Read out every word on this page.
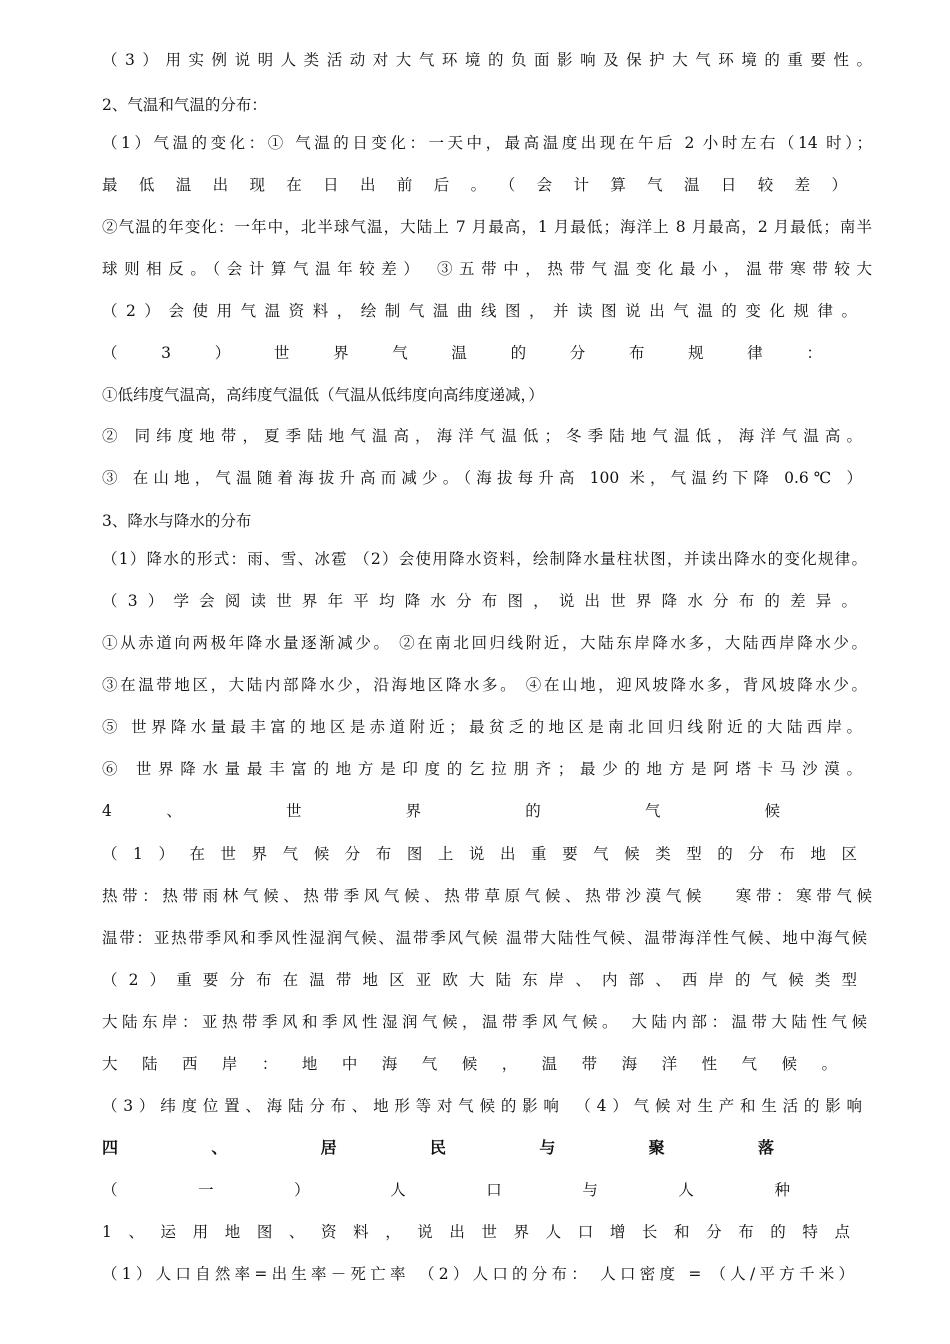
（3）用实例说明人类活动对大气环境的负面影响及保护大气环境的重要性。
2、气温和气温的分布：
（1）气温的变化：① 气温的日变化：一天中，最高温度出现在午后 2 小时左右（14 时）；
最低温出现在日出前后。（会计算气温日较差）
②气温的年变化：一年中，北半球气温，大陆上 7 月最高，1 月最低；海洋上 8 月最高，2 月最低；南半
球则相反。（会计算气温年较差） ③五带中，热带气温变化最小，温带寒带较大
（2）会使用气温资料，绘制气温曲线图，并读图说出气温的变化规律。
（3）世界气温的分布规律：
①低纬度气温高，高纬度气温低（气温从低纬度向高纬度递减，）
② 同纬度地带，夏季陆地气温高，海洋气温低；冬季陆地气温低，海洋气温高。
③ 在山地，气温随着海拔升高而减少。（海拔每升高 100 米，气温约下降 0.6℃ ）
3、降水与降水的分布
（1）降水的形式：雨、雪、冰雹 （2）会使用降水资料，绘制降水量柱状图，并读出降水的变化规律。
（3）学会阅读世界年平均降水分布图，说出世界降水分布的差异。
①从赤道向两极年降水量逐渐减少。 ②在南北回归线附近，大陆东岸降水多，大陆西岸降水少。
③在温带地区，大陆内部降水少，沿海地区降水多。 ④在山地，迎风坡降水多，背风坡降水少。
⑤ 世界降水量最丰富的地区是赤道附近；最贫乏的地区是南北回归线附近的大陆西岸。
⑥ 世界降水量最丰富的地方是印度的乞拉朋齐；最少的地方是阿塔卡马沙漠。
4 、 世 界 的 气 候
（1）在世界气候分布图上说出重要气候类型的分布地区
热带：热带雨林气候、热带季风气候、热带草原气候、热带沙漠气候　 寒带：寒带气候
温带：亚热带季风和季风性湿润气候、温带季风气候 温带大陆性气候、温带海洋性气候、地中海气候
（2）重要分布在温带地区亚欧大陆东岸、内部、西岸的气候类型
大陆东岸：亚热带季风和季风性湿润气候，温带季风气候。 大陆内部：温带大陆性气候
大陆西岸：地中海气候，温带海洋性气候。
（3）纬度位置、海陆分布、地形等对气候的影响 （4）气候对生产和生活的影响
四 、 居 民 与 聚 落
（ 一 ） 人 口 与 人 种
1、运用地图、资料，说出世界人口增长和分布的特点
（1）人口自然率=出生率－死亡率 （2）人口的分布： 人口密度 = （人/平方千米）
